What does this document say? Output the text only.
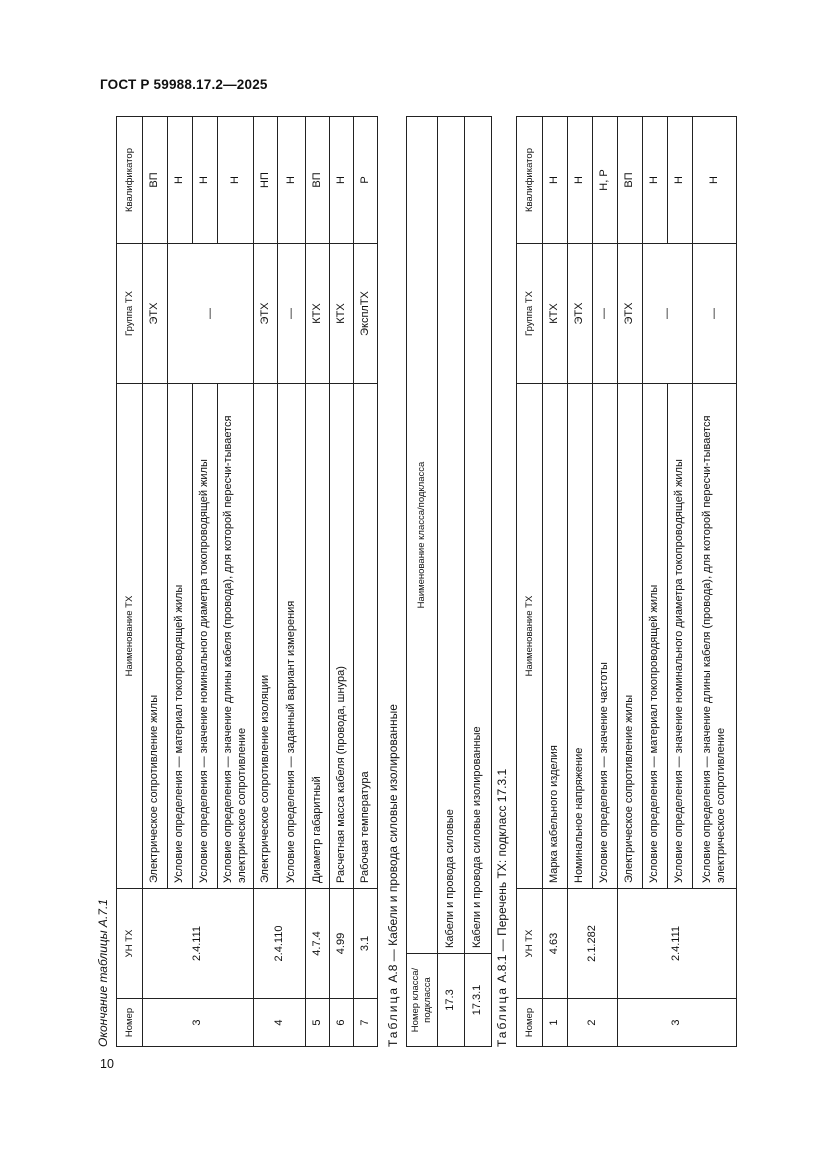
ГОСТ Р 59988.17.2—2025
Окончание таблицы А.7.1 Номер	УН ТХ	Наименование ТХ	Группа ТХ	Квалификатор
3	2.4.111	Электрическое сопротивление жилы	ЭТХ	ВП
		Условие определения — материал токопроводящей жилы	—	Н
		Условие определения — значение номинального диаметра токопроводящей жилы		Н
		Условие определения — значение длины кабеля (провода), для которой пересчи-тывается электрическое сопротивление		Н
4	2.4.110	Электрическое сопротивление изоляции	ЭТХ	НП
		Условие определения — заданный вариант измерения	—	Н
5	4.7.4	Диаметр габаритный	КТХ	ВП
6	4.99	Расчетная масса кабеля (провода, шнура)	КТХ	Н
7	3.1	Рабочая температура	ЭксплТХ	Р
Таблица А.8 — Кабели и провода силовые изолированные
Номер класса/подкласса	Наименование класса/подкласса
17.3	Кабели и провода силовые
17.3.1	Кабели и провода силовые изолированные
Таблица А.8.1 — Перечень ТХ: подкласс 17.3.1
Номер	УН ТХ	Наименование ТХ	Группа ТХ	Квалификатор
1	4.63	Марка кабельного изделия	КТХ	Н
2	2.1.282	Номинальное напряжение	ЭТХ	Н
		Условие определения — значение частоты	—	Н, Р
3	2.4.111	Электрическое сопротивление жилы	ЭТХ	ВП
		Условие определения — материал токопроводящей жилы	—	Н
		Условие определения — значение номинального диаметра токопроводящей жилы		Н
		Условие определения — значение длины кабеля (провода), для которой пересчи-тывается электрическое сопротивление	—	Н
10
